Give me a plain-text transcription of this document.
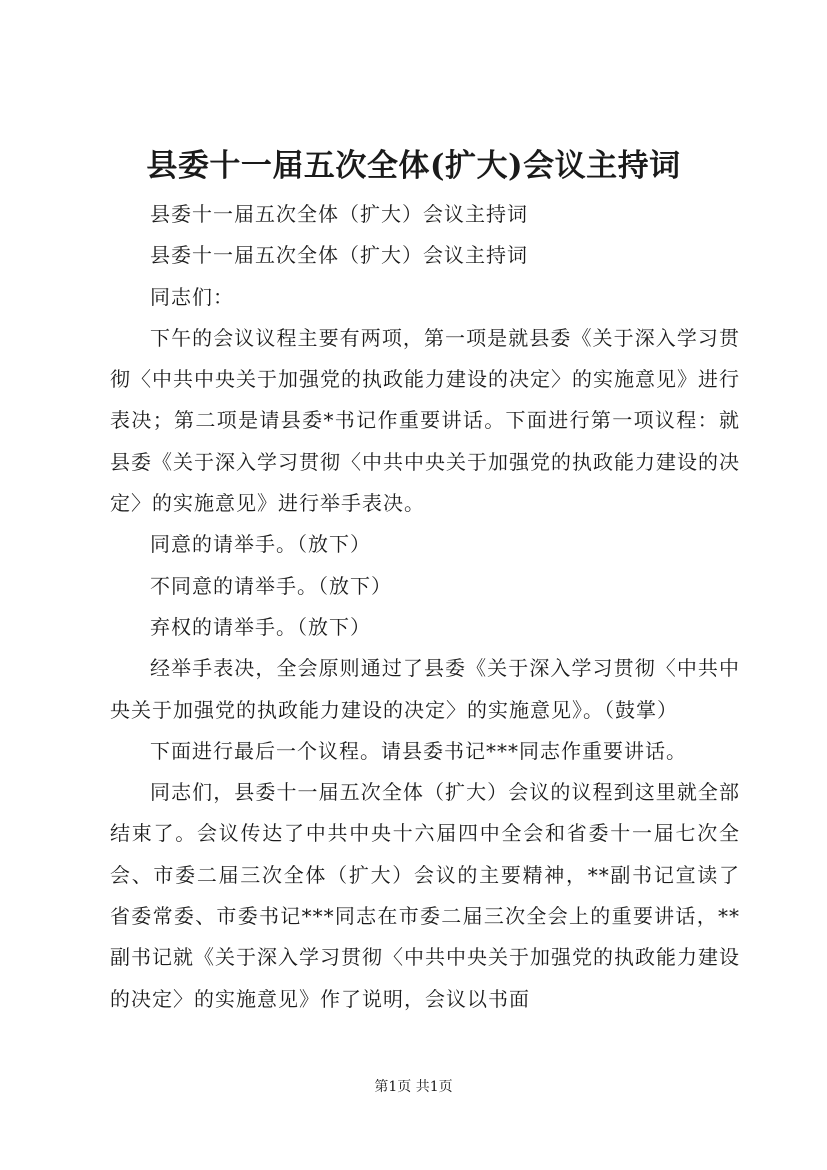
县委十一届五次全体(扩大)会议主持词

县委十一届五次全体（扩大）会议主持词

县委十一届五次全体（扩大）会议主持词

同志们：

下午的会议议程主要有两项，第一项是就县委《关于深入学习贯彻〈中共中央关于加强党的执政能力建设的决定〉的实施意见》进行表决；第二项是请县委*书记作重要讲话。下面进行第一项议程：就县委《关于深入学习贯彻〈中共中央关于加强党的执政能力建设的决定〉的实施意见》进行举手表决。

同意的请举手。（放下）

不同意的请举手。（放下）

弃权的请举手。（放下）

经举手表决，全会原则通过了县委《关于深入学习贯彻〈中共中央关于加强党的执政能力建设的决定〉的实施意见》。（鼓掌）

下面进行最后一个议程。请县委书记***同志作重要讲话。

同志们，县委十一届五次全体（扩大）会议的议程到这里就全部结束了。会议传达了中共中央十六届四中全会和省委十一届七次全会、市委二届三次全体（扩大）会议的主要精神，**副书记宣读了省委常委、市委书记***同志在市委二届三次全会上的重要讲话，**副书记就《关于深入学习贯彻〈中共中央关于加强党的执政能力建设的决定〉的实施意见》作了说明，会议以书面

第1页 共1页
